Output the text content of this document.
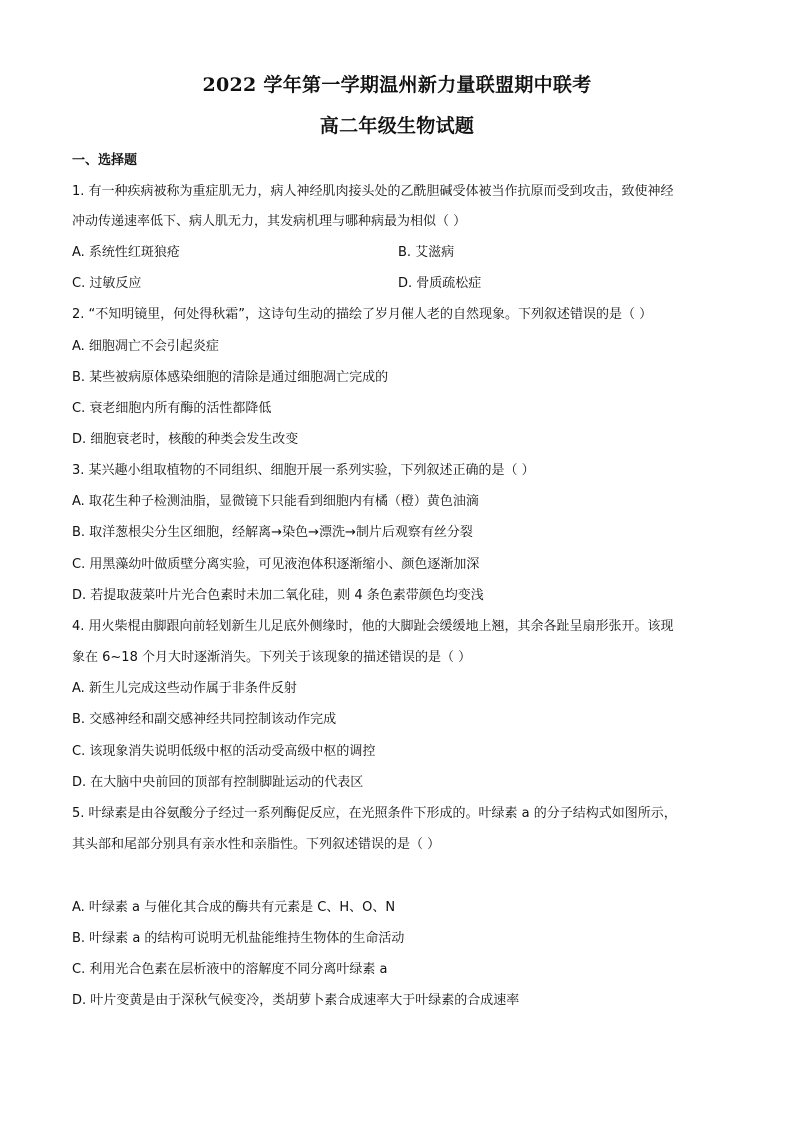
2022 学年第一学期温州新力量联盟期中联考
高二年级生物试题
一、选择题
1. 有一种疾病被称为重症肌无力，病人神经肌肉接头处的乙酰胆碱受体被当作抗原而受到攻击，致使神经
冲动传递速率低下、病人肌无力，其发病机理与哪种病最为相似（ ）
A. 系统性红斑狼疮	B. 艾滋病
C. 过敏反应	D. 骨质疏松症
2. “不知明镜里，何处得秋霜”，这诗句生动的描绘了岁月催人老的自然现象。下列叙述错误的是（ ）
A. 细胞凋亡不会引起炎症
B. 某些被病原体感染细胞的清除是通过细胞凋亡完成的
C. 衰老细胞内所有酶的活性都降低
D. 细胞衰老时，核酸的种类会发生改变
3. 某兴趣小组取植物的不同组织、细胞开展一系列实验，下列叙述正确的是（ ）
A. 取花生种子检测油脂，显微镜下只能看到细胞内有橘（橙）黄色油滴
B. 取洋葱根尖分生区细胞，经解离→染色→漂洗→制片后观察有丝分裂
C. 用黑藻幼叶做质壁分离实验，可见液泡体积逐渐缩小、颜色逐渐加深
D. 若提取菠菜叶片光合色素时未加二氧化硅，则 4 条色素带颜色均变浅
4. 用火柴棍由脚跟向前轻划新生儿足底外侧缘时，他的大脚趾会缓缓地上翘，其余各趾呈扇形张开。该现
象在 6~18 个月大时逐渐消失。下列关于该现象的描述错误的是（ ）
A. 新生儿完成这些动作属于非条件反射
B. 交感神经和副交感神经共同控制该动作完成
C. 该现象消失说明低级中枢的活动受高级中枢的调控
D. 在大脑中央前回的顶部有控制脚趾运动的代表区
5. 叶绿素是由谷氨酸分子经过一系列酶促反应，在光照条件下形成的。叶绿素 a 的分子结构式如图所示，
其头部和尾部分别具有亲水性和亲脂性。下列叙述错误的是（ ）
A. 叶绿素 a 与催化其合成的酶共有元素是 C、H、O、N
B. 叶绿素 a 的结构可说明无机盐能维持生物体的生命活动
C. 利用光合色素在层析液中的溶解度不同分离叶绿素 a
D. 叶片变黄是由于深秋气候变冷，类胡萝卜素合成速率大于叶绿素的合成速率
